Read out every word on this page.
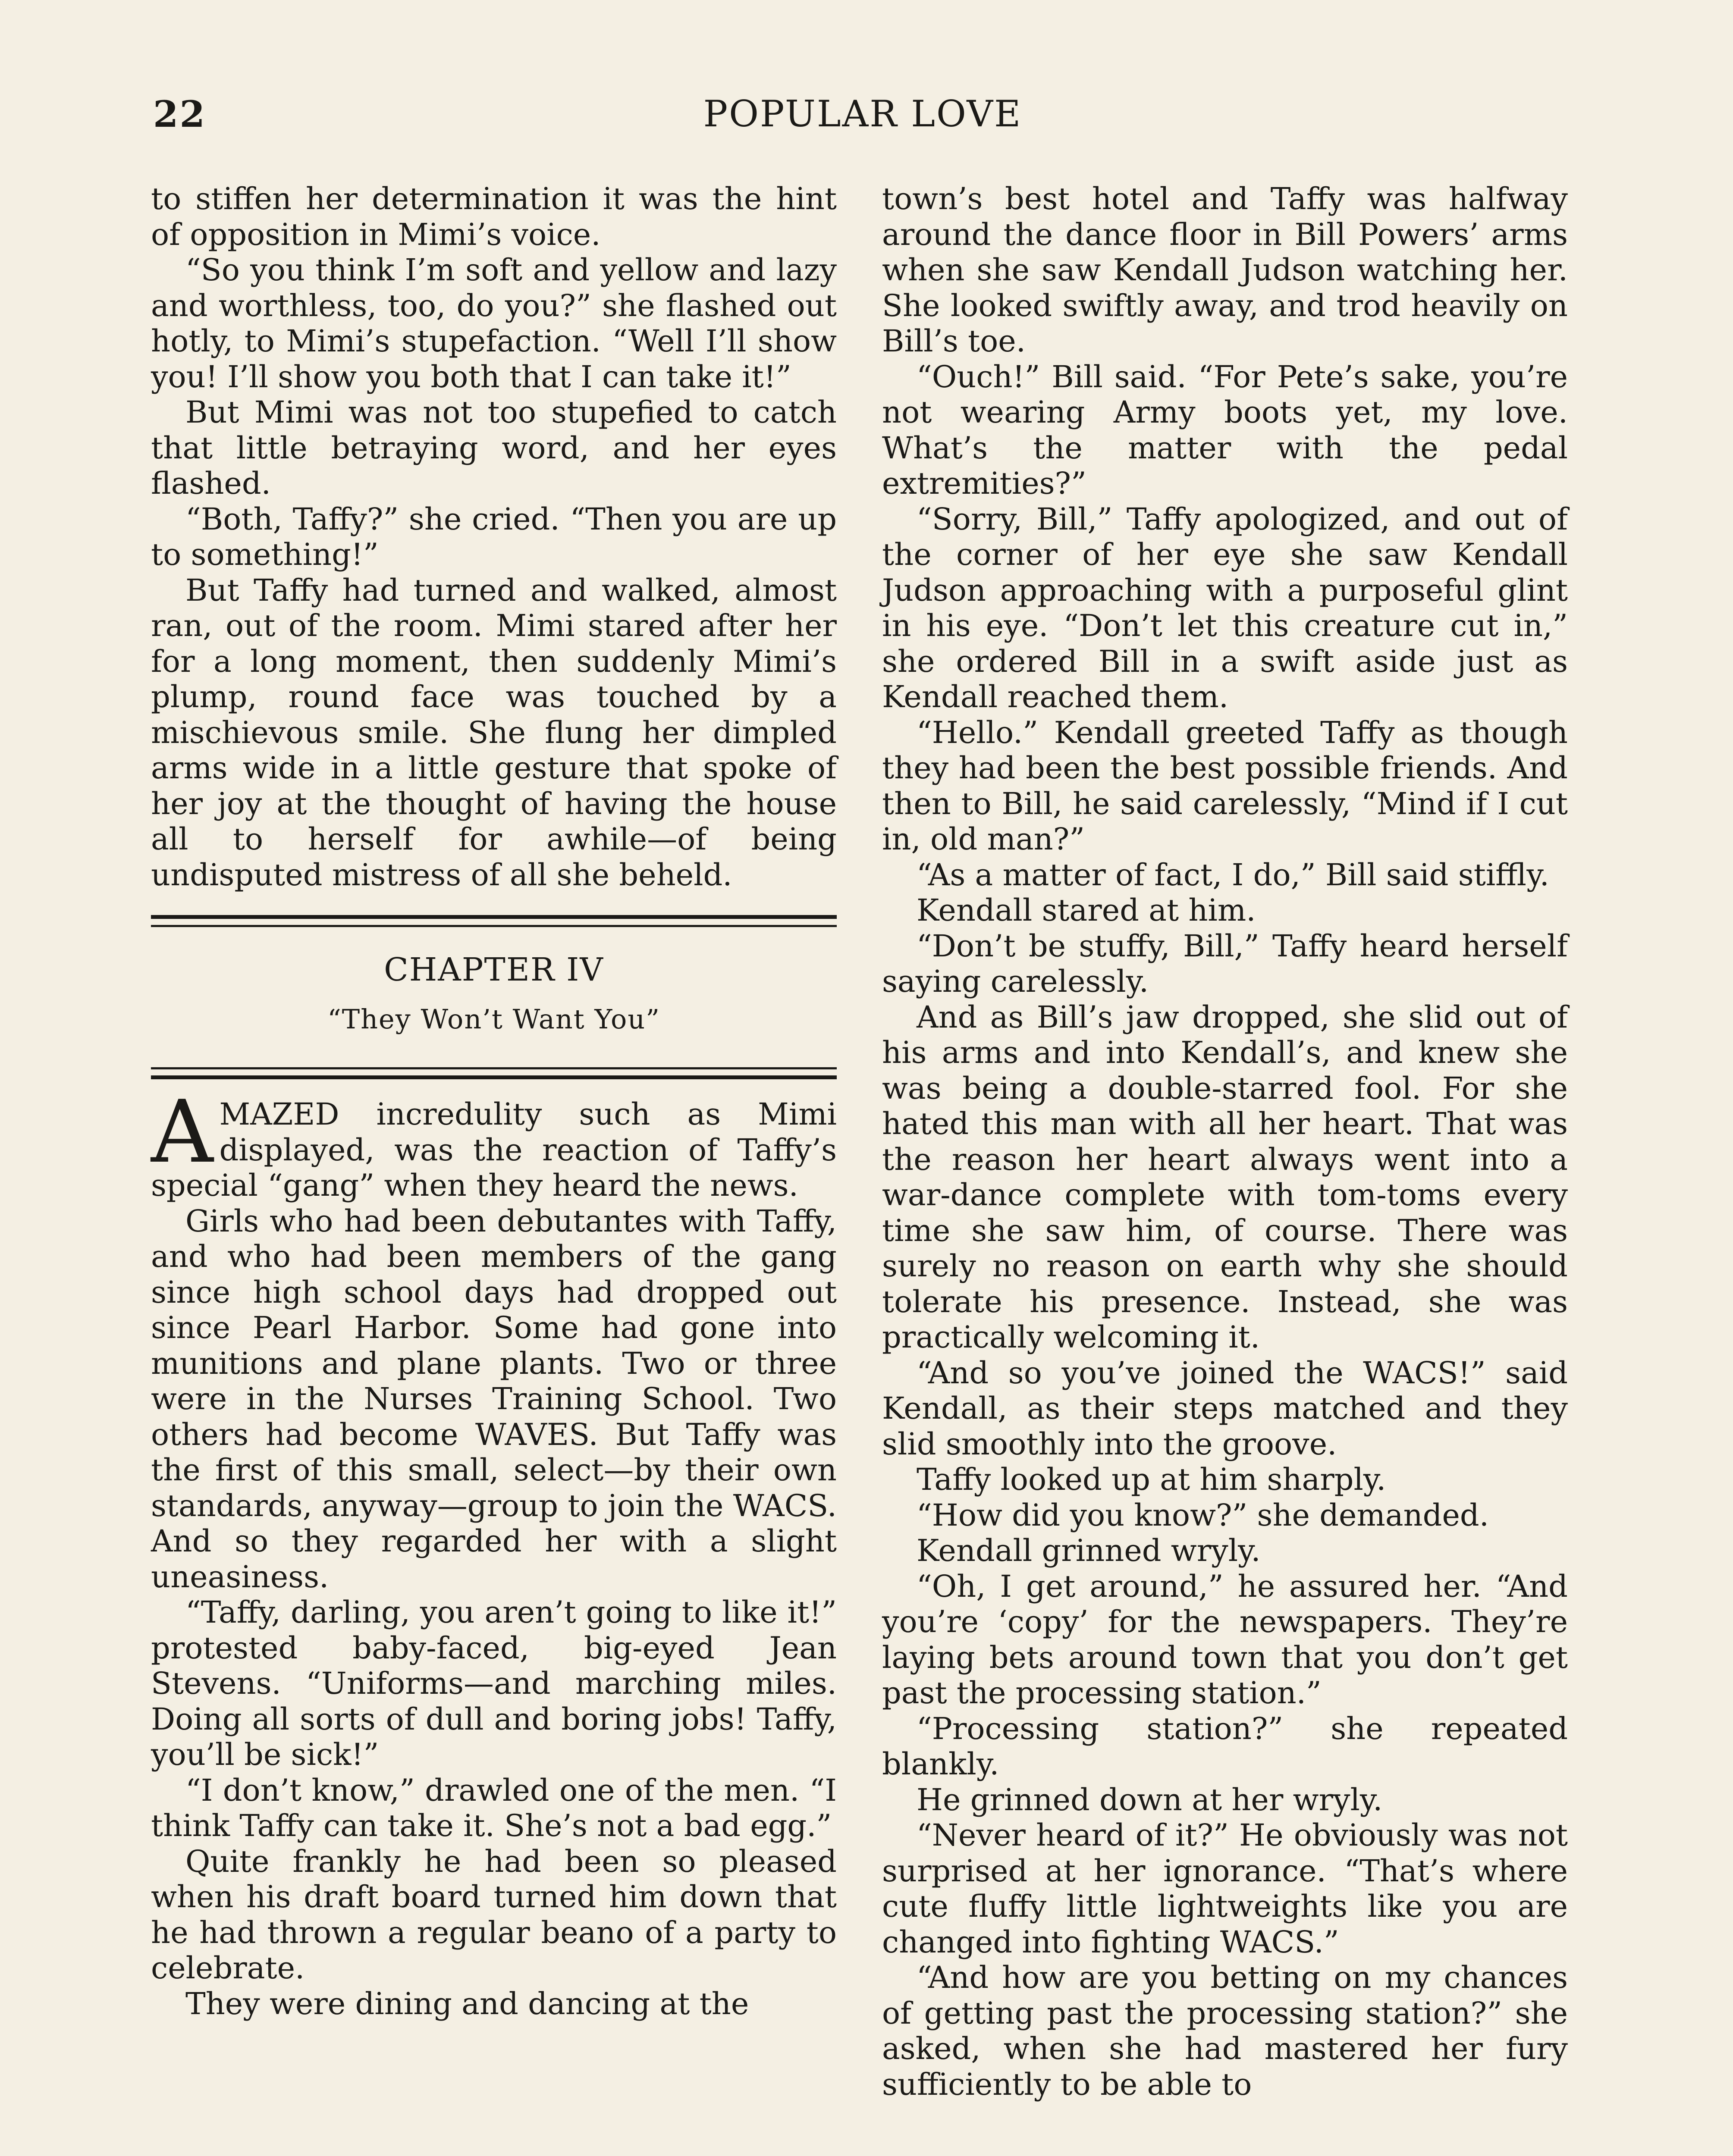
22	POPULAR LOVE

to stiffen her determination it was the hint of opposition in Mimi’s voice.

“So you think I’m soft and yellow and lazy and worthless, too, do you?” she flashed out hotly, to Mimi’s stupefaction. “Well I’ll show you! I’ll show you both that I can take it!”

But Mimi was not too stupefied to catch that little betraying word, and her eyes flashed.

“Both, Taffy?” she cried. “Then you are up to something!”

But Taffy had turned and walked, almost ran, out of the room. Mimi stared after her for a long moment, then suddenly Mimi’s plump, round face was touched by a mischievous smile. She flung her dimpled arms wide in a little gesture that spoke of her joy at the thought of having the house all to herself for awhile—of being undisputed mistress of all she beheld.

CHAPTER IV
“They Won’t Want You”

AMAZED incredulity such as Mimi displayed, was the reaction of Taffy’s special “gang” when they heard the news.

Girls who had been debutantes with Taffy, and who had been members of the gang since high school days had dropped out since Pearl Harbor. Some had gone into munitions and plane plants. Two or three were in the Nurses Training School. Two others had become WAVES. But Taffy was the first of this small, select—by their own standards, anyway—group to join the WACS. And so they regarded her with a slight uneasiness.

“Taffy, darling, you aren’t going to like it!” protested baby-faced, big-eyed Jean Stevens. “Uniforms—and marching miles. Doing all sorts of dull and boring jobs! Taffy, you’ll be sick!”

“I don’t know,” drawled one of the men. “I think Taffy can take it. She’s not a bad egg.”

Quite frankly he had been so pleased when his draft board turned him down that he had thrown a regular beano of a party to celebrate.

They were dining and dancing at the

town’s best hotel and Taffy was halfway around the dance floor in Bill Powers’ arms when she saw Kendall Judson watching her. She looked swiftly away, and trod heavily on Bill’s toe.

“Ouch!” Bill said. “For Pete’s sake, you’re not wearing Army boots yet, my love. What’s the matter with the pedal extremities?”

“Sorry, Bill,” Taffy apologized, and out of the corner of her eye she saw Kendall Judson approaching with a purposeful glint in his eye. “Don’t let this creature cut in,” she ordered Bill in a swift aside just as Kendall reached them.

“Hello.” Kendall greeted Taffy as though they had been the best possible friends. And then to Bill, he said carelessly, “Mind if I cut in, old man?”

“As a matter of fact, I do,” Bill said stiffly.

Kendall stared at him.

“Don’t be stuffy, Bill,” Taffy heard herself saying carelessly.

And as Bill’s jaw dropped, she slid out of his arms and into Kendall’s, and knew she was being a double-starred fool. For she hated this man with all her heart. That was the reason her heart always went into a war-dance complete with tom-toms every time she saw him, of course. There was surely no reason on earth why she should tolerate his presence. Instead, she was practically welcoming it.

“And so you’ve joined the WACS!” said Kendall, as their steps matched and they slid smoothly into the groove.

Taffy looked up at him sharply.

“How did you know?” she demanded.

Kendall grinned wryly.

“Oh, I get around,” he assured her. “And you’re ‘copy’ for the newspapers. They’re laying bets around town that you don’t get past the processing station.”

“Processing station?” she repeated blankly.

He grinned down at her wryly.

“Never heard of it?” He obviously was not surprised at her ignorance. “That’s where cute fluffy little lightweights like you are changed into fighting WACS.”

“And how are you betting on my chances of getting past the processing station?” she asked, when she had mastered her fury sufficiently to be able to
